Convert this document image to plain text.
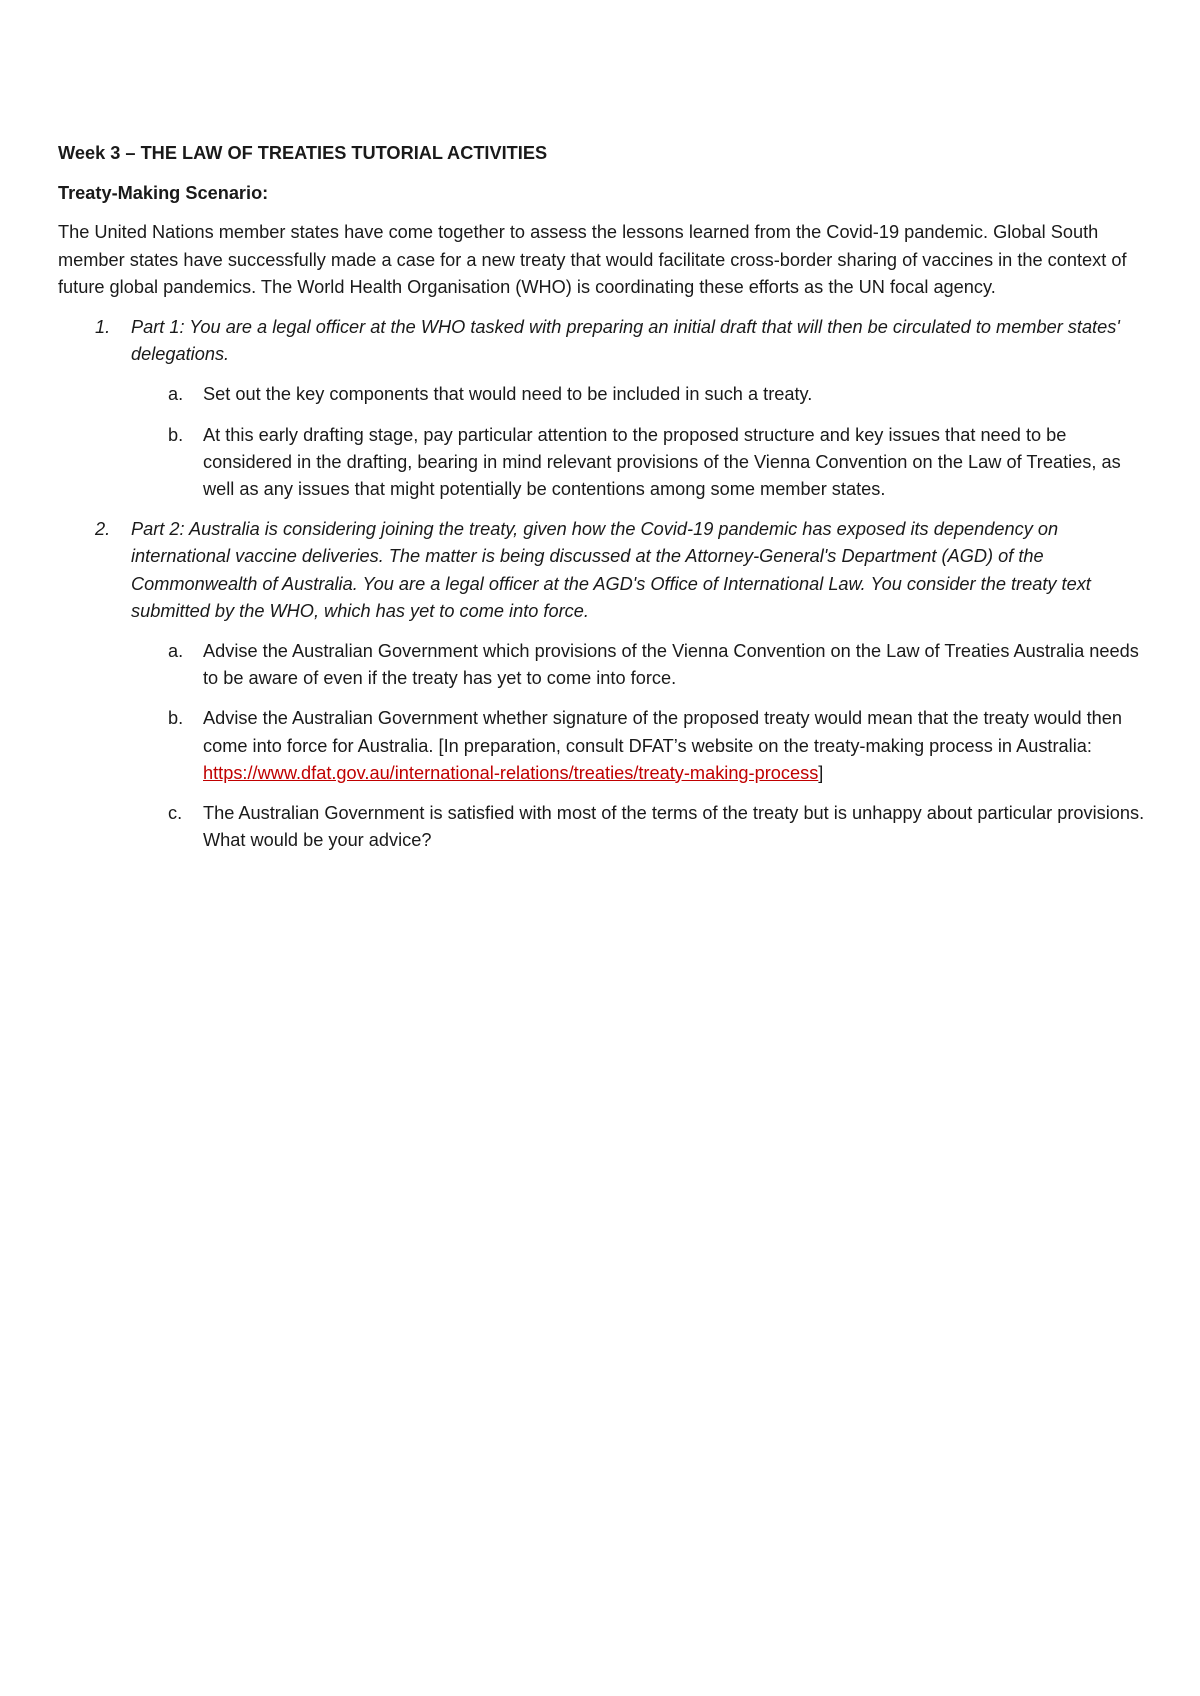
Week 3 – THE LAW OF TREATIES TUTORIAL ACTIVITIES
Treaty-Making Scenario:
The United Nations member states have come together to assess the lessons learned from the Covid-19 pandemic. Global South member states have successfully made a case for a new treaty that would facilitate cross-border sharing of vaccines in the context of future global pandemics. The World Health Organisation (WHO) is coordinating these efforts as the UN focal agency.
1. Part 1: You are a legal officer at the WHO tasked with preparing an initial draft that will then be circulated to member states' delegations.
a. Set out the key components that would need to be included in such a treaty.
b. At this early drafting stage, pay particular attention to the proposed structure and key issues that need to be considered in the drafting, bearing in mind relevant provisions of the Vienna Convention on the Law of Treaties, as well as any issues that might potentially be contentions among some member states.
2. Part 2: Australia is considering joining the treaty, given how the Covid-19 pandemic has exposed its dependency on international vaccine deliveries. The matter is being discussed at the Attorney-General's Department (AGD) of the Commonwealth of Australia. You are a legal officer at the AGD's Office of International Law. You consider the treaty text submitted by the WHO, which has yet to come into force.
a. Advise the Australian Government which provisions of the Vienna Convention on the Law of Treaties Australia needs to be aware of even if the treaty has yet to come into force.
b. Advise the Australian Government whether signature of the proposed treaty would mean that the treaty would then come into force for Australia. [In preparation, consult DFAT’s website on the treaty-making process in Australia: https://www.dfat.gov.au/international-relations/treaties/treaty-making-process]
c. The Australian Government is satisfied with most of the terms of the treaty but is unhappy about particular provisions. What would be your advice?
